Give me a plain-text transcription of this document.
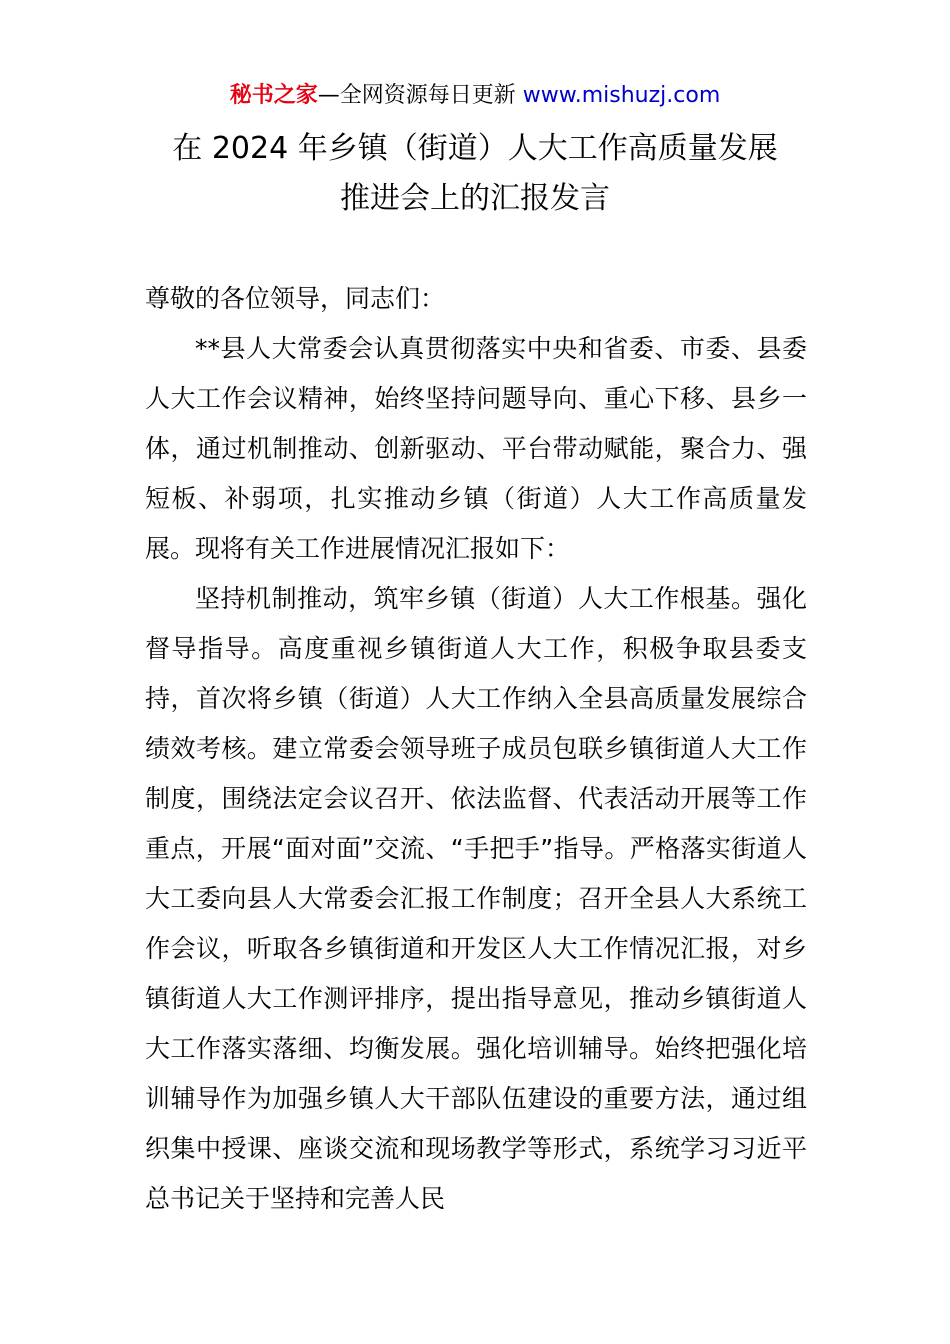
秘书之家—全网资源每日更新 www.mishuzj.com
在 2024 年乡镇（街道）人大工作高质量发展
推进会上的汇报发言

尊敬的各位领导，同志们：

**县人大常委会认真贯彻落实中央和省委、市委、县委人大工作会议精神，始终坚持问题导向、重心下移、县乡一体，通过机制推动、创新驱动、平台带动赋能，聚合力、强短板、补弱项，扎实推动乡镇（街道）人大工作高质量发展。现将有关工作进展情况汇报如下：

坚持机制推动，筑牢乡镇（街道）人大工作根基。强化督导指导。高度重视乡镇街道人大工作，积极争取县委支持，首次将乡镇（街道）人大工作纳入全县高质量发展综合绩效考核。建立常委会领导班子成员包联乡镇街道人大工作制度，围绕法定会议召开、依法监督、代表活动开展等工作重点，开展“面对面”交流、“手把手”指导。严格落实街道人大工委向县人大常委会汇报工作制度；召开全县人大系统工作会议，听取各乡镇街道和开发区人大工作情况汇报，对乡镇街道人大工作测评排序，提出指导意见，推动乡镇街道人大工作落实落细、均衡发展。强化培训辅导。始终把强化培训辅导作为加强乡镇人大干部队伍建设的重要方法，通过组织集中授课、座谈交流和现场教学等形式，系统学习习近平总书记关于坚持和完善人民
